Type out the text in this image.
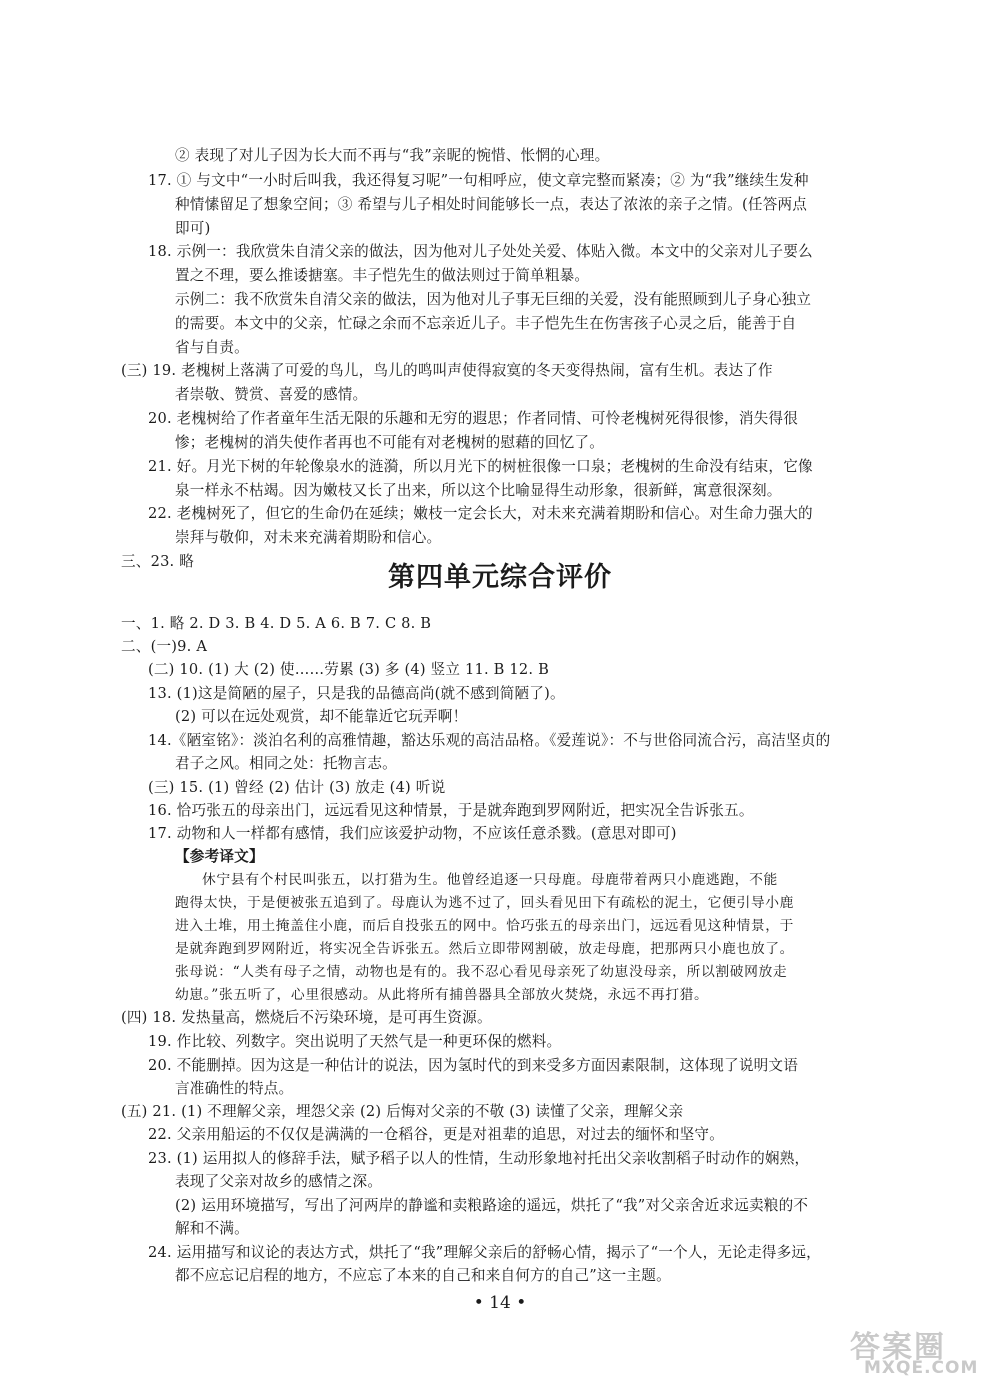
② 表现了对儿子因为长大而不再与“我”亲昵的惋惜、怅惘的心理。
17. ① 与文中“一小时后叫我，我还得复习呢”一句相呼应，使文章完整而紧凑；② 为“我”继续生发种
种情愫留足了想象空间；③ 希望与儿子相处时间能够长一点，表达了浓浓的亲子之情。(任答两点
即可)
18. 示例一：我欣赏朱自清父亲的做法，因为他对儿子处处关爱、体贴入微。本文中的父亲对儿子要么
置之不理，要么推诿搪塞。丰子恺先生的做法则过于简单粗暴。
示例二：我不欣赏朱自清父亲的做法，因为他对儿子事无巨细的关爱，没有能照顾到儿子身心独立
的需要。本文中的父亲，忙碌之余而不忘亲近儿子。丰子恺先生在伤害孩子心灵之后，能善于自
省与自责。
(三) 19. 老槐树上落满了可爱的鸟儿，鸟儿的鸣叫声使得寂寞的冬天变得热闹，富有生机。表达了作
者崇敬、赞赏、喜爱的感情。
20. 老槐树给了作者童年生活无限的乐趣和无穷的遐思；作者同情、可怜老槐树死得很惨，消失得很
惨；老槐树的消失使作者再也不可能有对老槐树的慰藉的回忆了。
21. 好。月光下树的年轮像泉水的涟漪，所以月光下的树桩很像一口泉；老槐树的生命没有结束，它像
泉一样永不枯竭。因为嫩枝又长了出来，所以这个比喻显得生动形象，很新鲜，寓意很深刻。
22. 老槐树死了，但它的生命仍在延续；嫩枝一定会长大，对未来充满着期盼和信心。对生命力强大的
崇拜与敬仰，对未来充满着期盼和信心。
三、23. 略
第四单元综合评价
一、1. 略 2. D 3. B 4. D 5. A 6. B 7. C 8. B
二、(一)9. A
(二) 10. (1) 大 (2) 使……劳累 (3) 多 (4) 竖立 11. B 12. B
13. (1)这是简陋的屋子，只是我的品德高尚(就不感到简陋了)。
(2) 可以在远处观赏，却不能靠近它玩弄啊！
14.《陋室铭》：淡泊名利的高雅情趣，豁达乐观的高洁品格。《爱莲说》：不与世俗同流合污，高洁坚贞的
君子之风。相同之处：托物言志。
(三) 15. (1) 曾经 (2) 估计 (3) 放走 (4) 听说
16. 恰巧张五的母亲出门，远远看见这种情景，于是就奔跑到罗网附近，把实况全告诉张五。
17. 动物和人一样都有感情，我们应该爱护动物，不应该任意杀戮。(意思对即可)
【参考译文】
休宁县有个村民叫张五，以打猎为生。他曾经追逐一只母鹿。母鹿带着两只小鹿逃跑，不能
跑得太快，于是便被张五追到了。母鹿认为逃不过了，回头看见田下有疏松的泥土，它便引导小鹿
进入土堆，用土掩盖住小鹿，而后自投张五的网中。恰巧张五的母亲出门，远远看见这种情景，于
是就奔跑到罗网附近，将实况全告诉张五。然后立即带网割破，放走母鹿，把那两只小鹿也放了。
张母说：“人类有母子之情，动物也是有的。我不忍心看见母亲死了幼崽没母亲，所以割破网放走
幼崽。”张五听了，心里很感动。从此将所有捕兽器具全部放火焚烧，永远不再打猎。
(四) 18. 发热量高，燃烧后不污染环境，是可再生资源。
19. 作比较、列数字。突出说明了天然气是一种更环保的燃料。
20. 不能删掉。因为这是一种估计的说法，因为氢时代的到来受多方面因素限制，这体现了说明文语
言准确性的特点。
(五) 21. (1) 不理解父亲，埋怨父亲 (2) 后悔对父亲的不敬 (3) 读懂了父亲，理解父亲
22. 父亲用船运的不仅仅是满满的一仓稻谷，更是对祖辈的追思，对过去的缅怀和坚守。
23. (1) 运用拟人的修辞手法，赋予稻子以人的性情，生动形象地衬托出父亲收割稻子时动作的娴熟，
表现了父亲对故乡的感情之深。
(2) 运用环境描写，写出了河两岸的静谧和卖粮路途的遥远，烘托了“我”对父亲舍近求远卖粮的不
解和不满。
24. 运用描写和议论的表达方式，烘托了“我”理解父亲后的舒畅心情，揭示了“一个人，无论走得多远，
都不应忘记启程的地方，不应忘了本来的自己和来自何方的自己”这一主题。
• 14 •
答案圈
MXQE.COM
